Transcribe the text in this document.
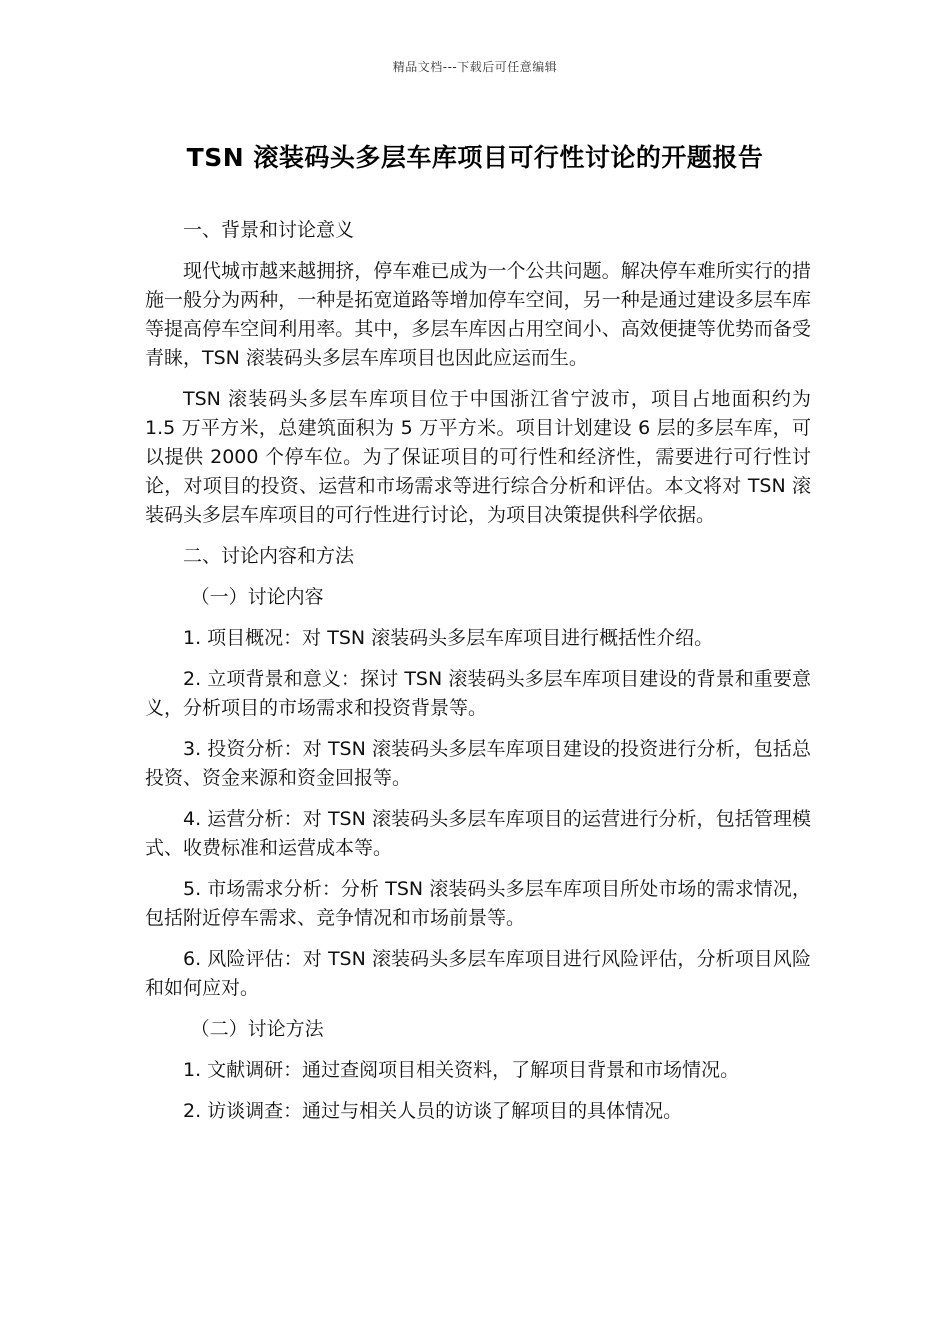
精品文档---下载后可任意编辑
TSN 滚装码头多层车库项目可行性讨论的开题报告

一、背景和讨论意义

现代城市越来越拥挤，停车难已成为一个公共问题。解决停车难所实行的措施一般分为两种，一种是拓宽道路等增加停车空间，另一种是通过建设多层车库等提高停车空间利用率。其中，多层车库因占用空间小、高效便捷等优势而备受青睐，TSN 滚装码头多层车库项目也因此应运而生。

TSN 滚装码头多层车库项目位于中国浙江省宁波市，项目占地面积约为 1.5 万平方米，总建筑面积为 5 万平方米。项目计划建设 6 层的多层车库，可以提供 2000 个停车位。为了保证项目的可行性和经济性，需要进行可行性讨论，对项目的投资、运营和市场需求等进行综合分析和评估。本文将对 TSN 滚装码头多层车库项目的可行性进行讨论，为项目决策提供科学依据。

二、讨论内容和方法

（一）讨论内容

1. 项目概况：对 TSN 滚装码头多层车库项目进行概括性介绍。

2. 立项背景和意义：探讨 TSN 滚装码头多层车库项目建设的背景和重要意义，分析项目的市场需求和投资背景等。

3. 投资分析：对 TSN 滚装码头多层车库项目建设的投资进行分析，包括总投资、资金来源和资金回报等。

4. 运营分析：对 TSN 滚装码头多层车库项目的运营进行分析，包括管理模式、收费标准和运营成本等。

5. 市场需求分析：分析 TSN 滚装码头多层车库项目所处市场的需求情况，包括附近停车需求、竞争情况和市场前景等。

6. 风险评估：对 TSN 滚装码头多层车库项目进行风险评估，分析项目风险和如何应对。

（二）讨论方法

1. 文献调研：通过查阅项目相关资料，了解项目背景和市场情况。

2. 访谈调查：通过与相关人员的访谈了解项目的具体情况。
